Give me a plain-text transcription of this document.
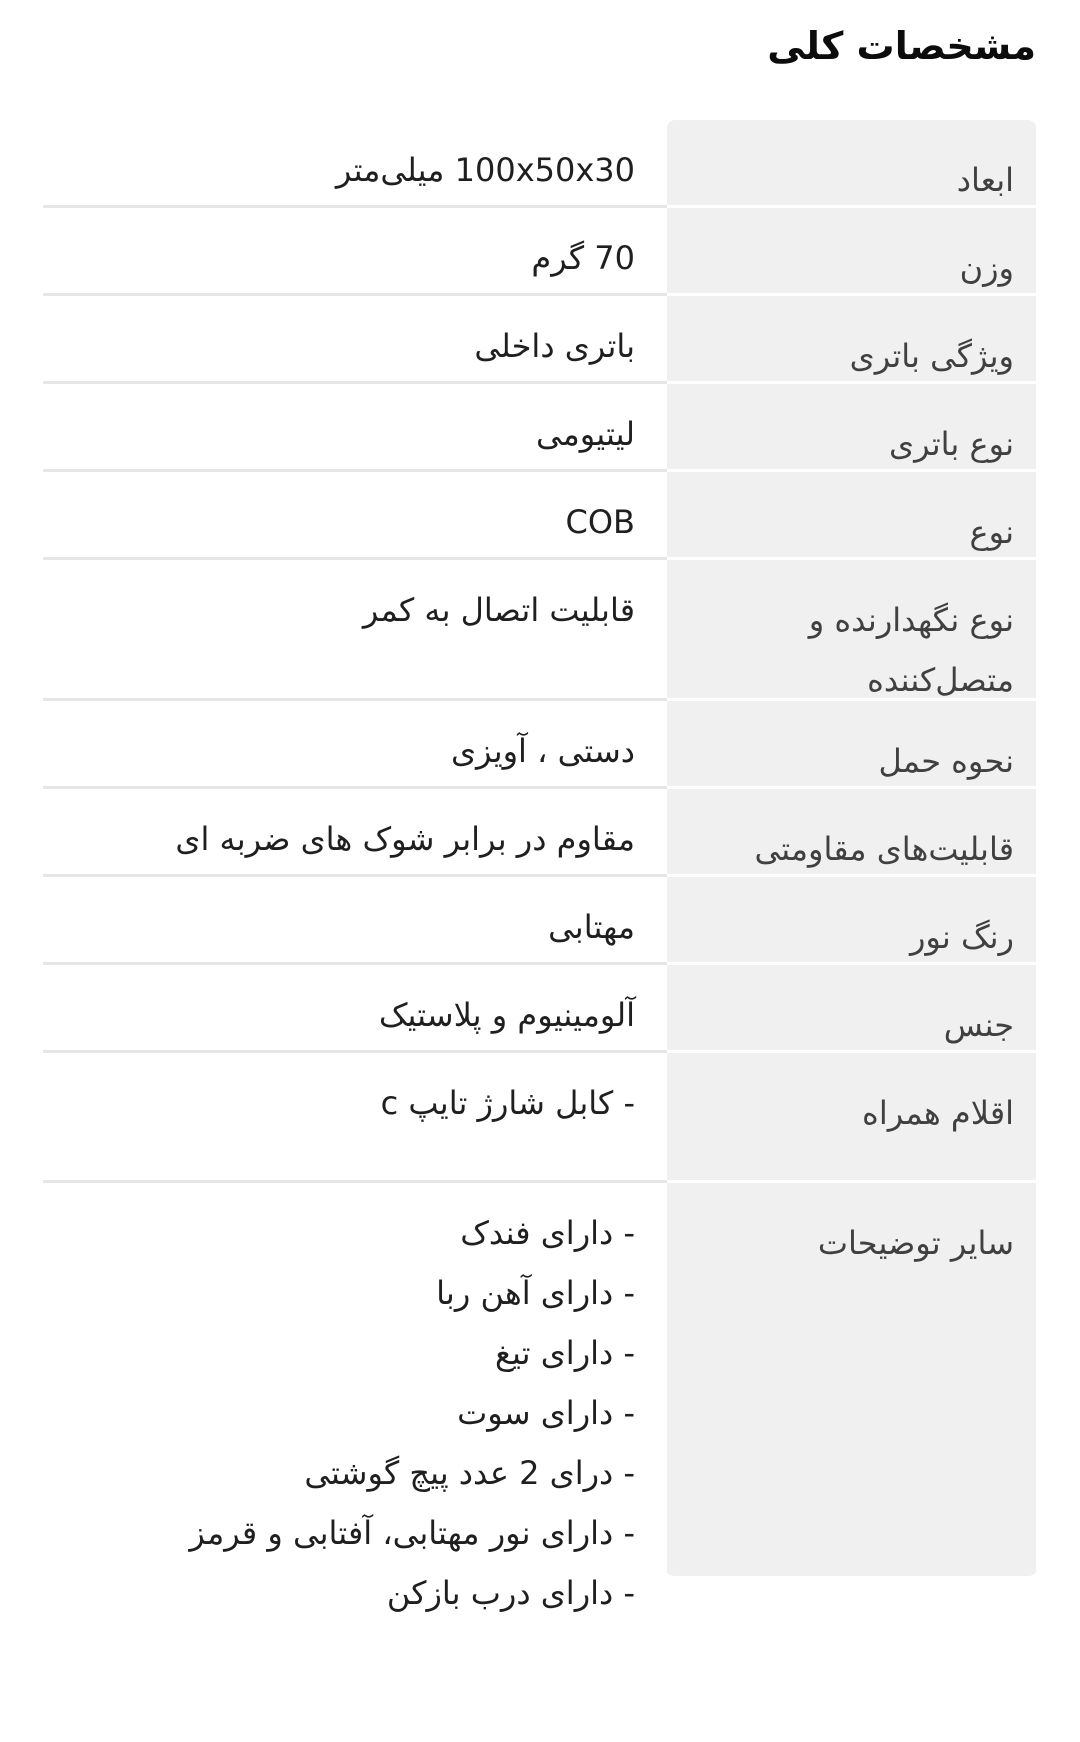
مشخصات کلی
ابعاد
100x50x30 میلی‌متر
وزن
70 گرم
ویژگی باتری
باتری داخلی
نوع باتری
لیتیومی
نوع
COB
نوع نگهدارنده و متصل‌کننده
قابلیت اتصال به کمر
نحوه حمل
دستی ، آویزی
قابلیت‌های مقاومتی
مقاوم در برابر شوک های ضربه ای
رنگ نور
مهتابی
جنس
آلومینیوم و پلاستیک
اقلام همراه
- کابل شارژ تایپ c
سایر توضیحات
- دارای فندک
- دارای آهن ربا
- دارای تیغ
- دارای سوت
- درای 2 عدد پیچ گوشتی
- دارای نور مهتابی، آفتابی و قرمز
- دارای درب بازکن
